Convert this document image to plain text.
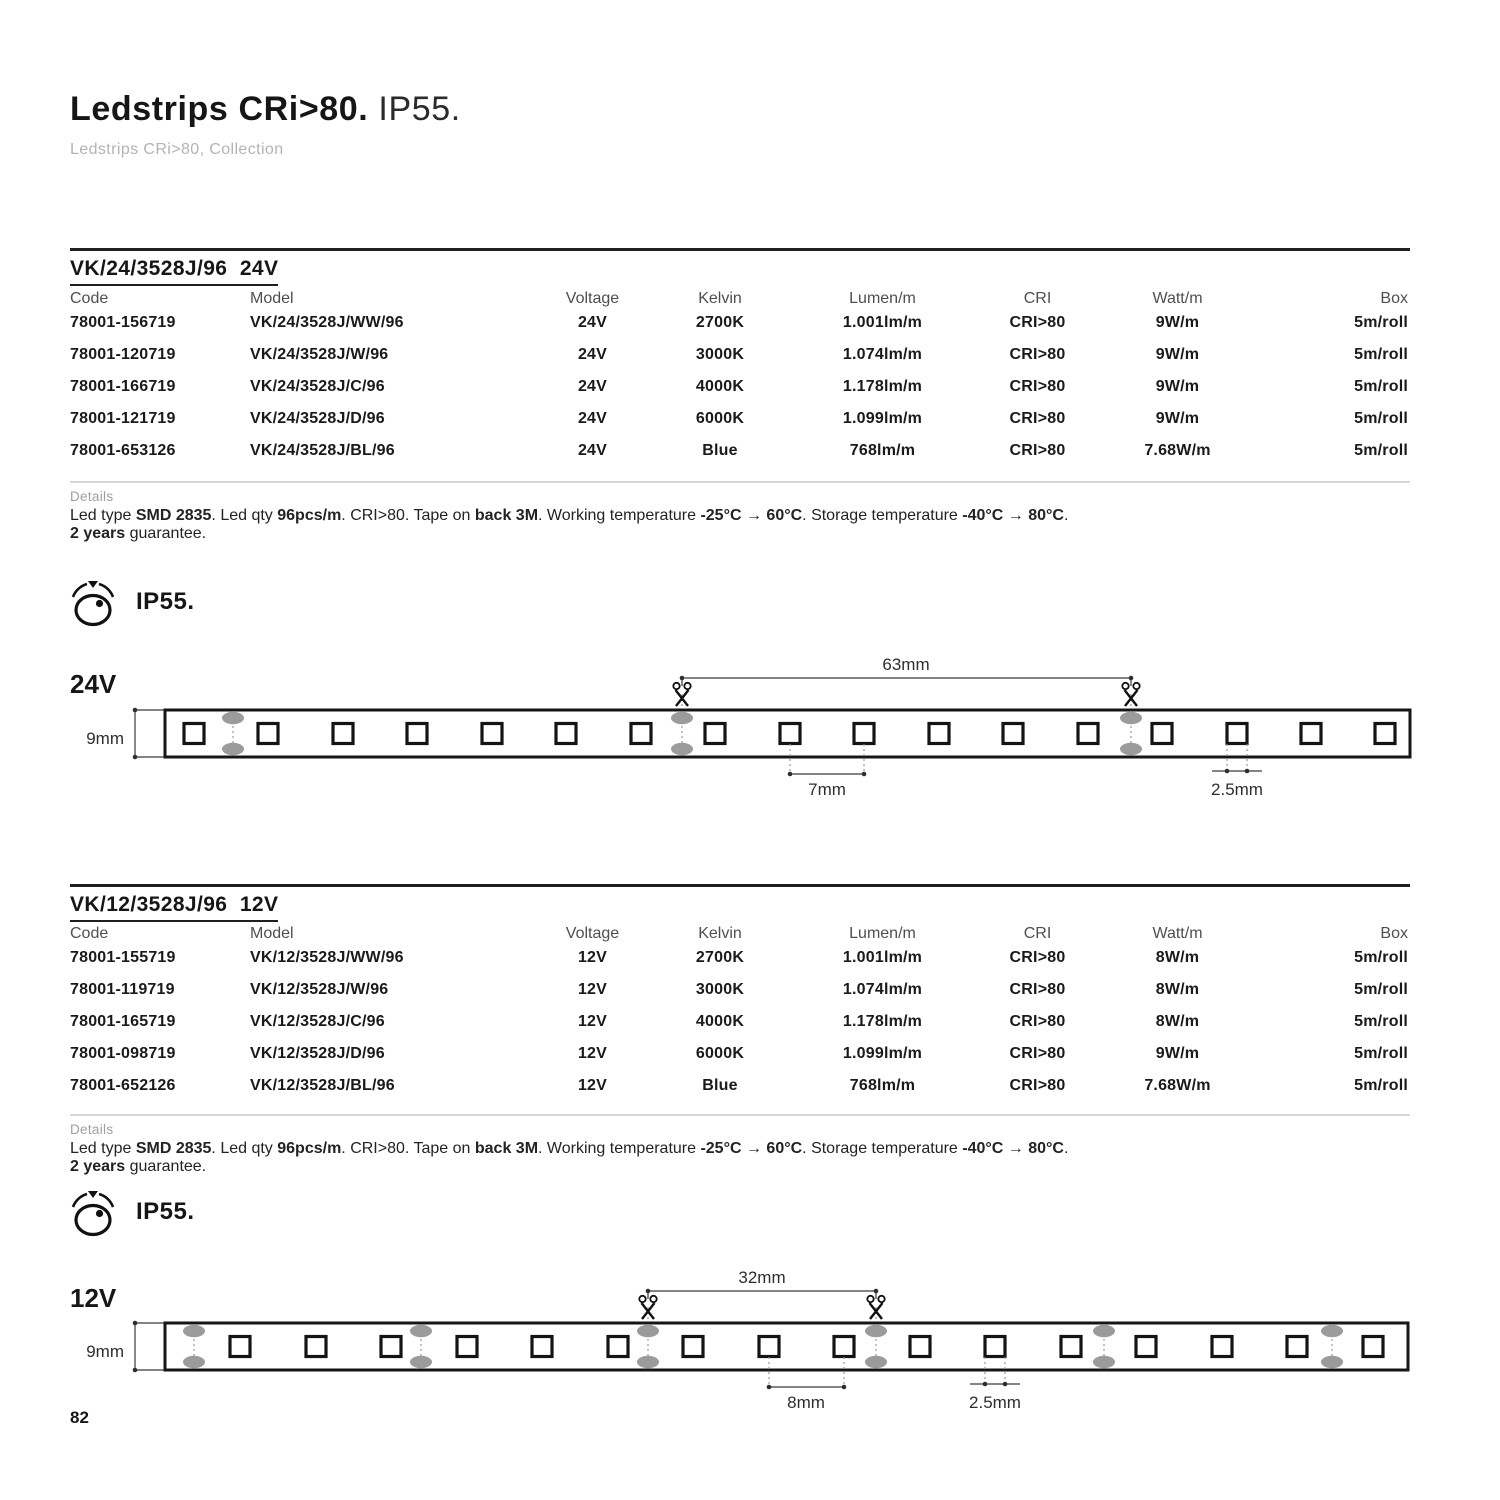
Ledstrips CRi>80. IP55.
Ledstrips CRi>80, Collection
VK/24/3528J/96  24V
Code	Model	Voltage	Kelvin	Lumen/m	CRI	Watt/m	Box
78001-156719	VK/24/3528J/WW/96	24V	2700K	1.001lm/m	CRI>80	9W/m	5m/roll
78001-120719	VK/24/3528J/W/96	24V	3000K	1.074lm/m	CRI>80	9W/m	5m/roll
78001-166719	VK/24/3528J/C/96	24V	4000K	1.178lm/m	CRI>80	9W/m	5m/roll
78001-121719	VK/24/3528J/D/96	24V	6000K	1.099lm/m	CRI>80	9W/m	5m/roll
78001-653126	VK/24/3528J/BL/96	24V	Blue	768lm/m	CRI>80	7.68W/m	5m/roll
Details
Led type SMD 2835. Led qty 96pcs/m. CRI>80. Tape on back 3M. Working temperature -25°C → 60°C. Storage temperature -40°C → 80°C.
2 years guarantee.
IP55.
24V
9mm
63mm
7mm	2.5mm
VK/12/3528J/96  12V
Code	Model	Voltage	Kelvin	Lumen/m	CRI	Watt/m	Box
78001-155719	VK/12/3528J/WW/96	12V	2700K	1.001lm/m	CRI>80	8W/m	5m/roll
78001-119719	VK/12/3528J/W/96	12V	3000K	1.074lm/m	CRI>80	8W/m	5m/roll
78001-165719	VK/12/3528J/C/96	12V	4000K	1.178lm/m	CRI>80	8W/m	5m/roll
78001-098719	VK/12/3528J/D/96	12V	6000K	1.099lm/m	CRI>80	9W/m	5m/roll
78001-652126	VK/12/3528J/BL/96	12V	Blue	768lm/m	CRI>80	7.68W/m	5m/roll
Details
Led type SMD 2835. Led qty 96pcs/m. CRI>80. Tape on back 3M. Working temperature -25°C → 60°C. Storage temperature -40°C → 80°C.
2 years guarantee.
IP55.
12V
9mm
32mm
8mm	2.5mm
82
